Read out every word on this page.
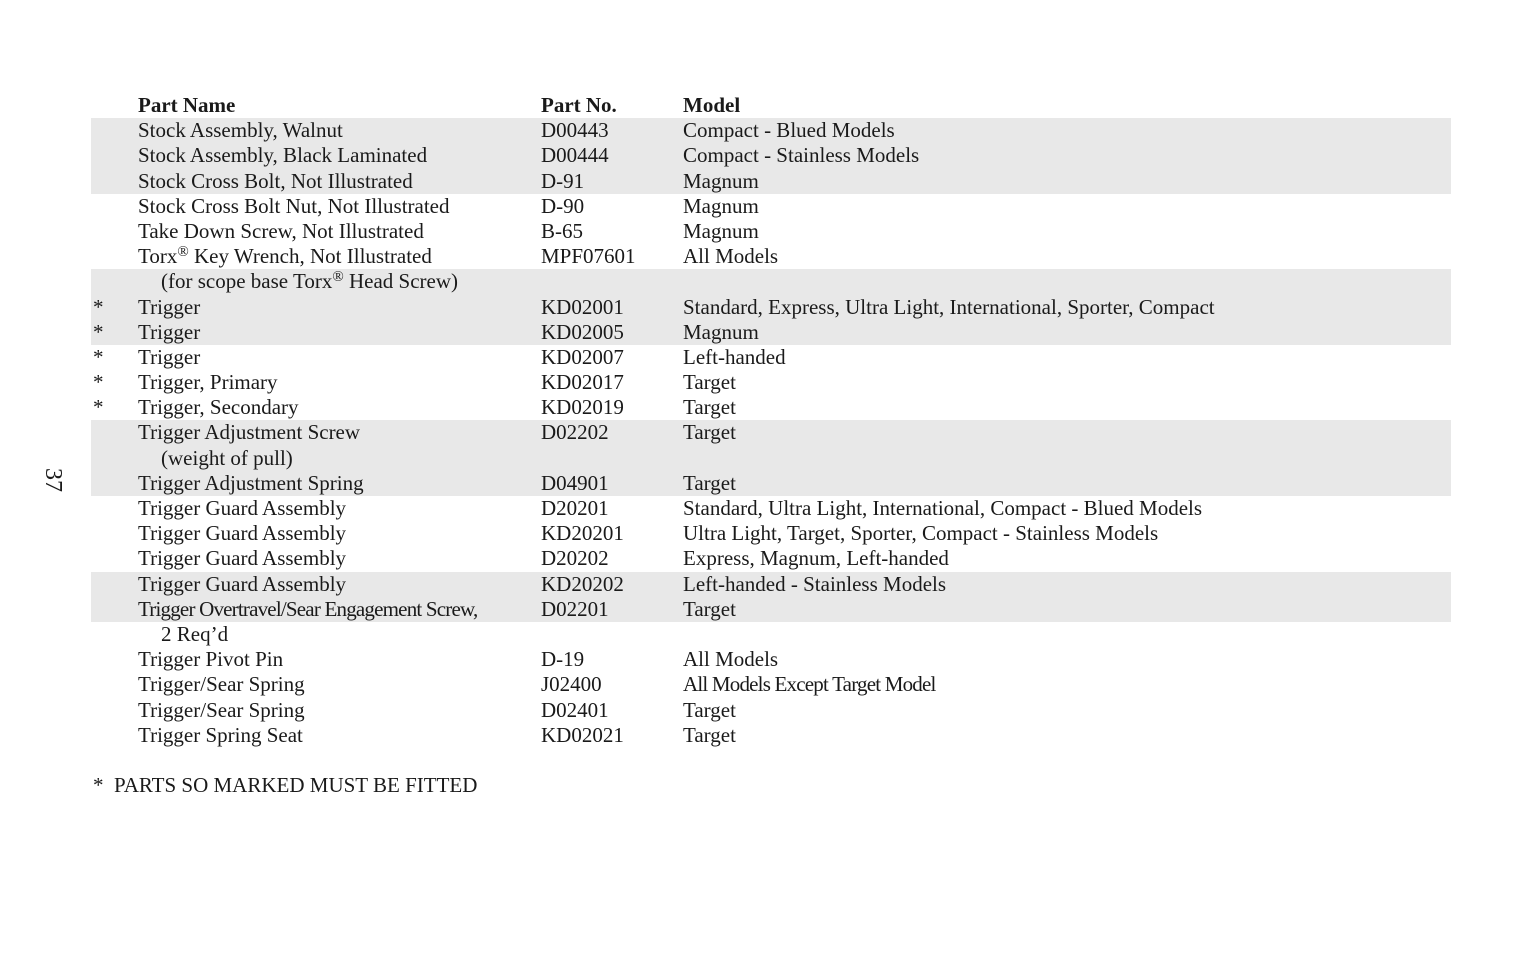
37
Part Name	Part No.	Model
Stock Assembly, Walnut	D00443	Compact - Blued Models
Stock Assembly, Black Laminated	D00444	Compact - Stainless Models
Stock Cross Bolt, Not Illustrated	D-91	Magnum
Stock Cross Bolt Nut, Not Illustrated	D-90	Magnum
Take Down Screw, Not Illustrated	B-65	Magnum
Torx® Key Wrench, Not Illustrated	MPF07601 All Models
(for scope base Torx® Head Screw)
* Trigger	KD02001	Standard, Express, Ultra Light, International, Sporter, Compact
* Trigger	KD02005	Magnum
* Trigger	KD02007	Left-handed
* Trigger, Primary	KD02017	Target
* Trigger, Secondary	KD02019	Target
Trigger Adjustment Screw	D02202	Target
(weight of pull)
Trigger Adjustment Spring	D04901	Target
Trigger Guard Assembly	D20201	Standard, Ultra Light, International, Compact - Blued Models
Trigger Guard Assembly	KD20201	Ultra Light, Target, Sporter, Compact - Stainless Models
Trigger Guard Assembly	D20202	Express, Magnum, Left-handed
Trigger Guard Assembly	KD20202	Left-handed - Stainless Models
Trigger Overtravel/Sear Engagement Screw,	D02201	Target
2 Req’d
Trigger Pivot Pin	D-19	All Models
Trigger/Sear Spring	J02400	All Models Except Target Model
Trigger/Sear Spring	D02401	Target
Trigger Spring Seat	KD02021	Target
* PARTS SO MARKED MUST BE FITTED
